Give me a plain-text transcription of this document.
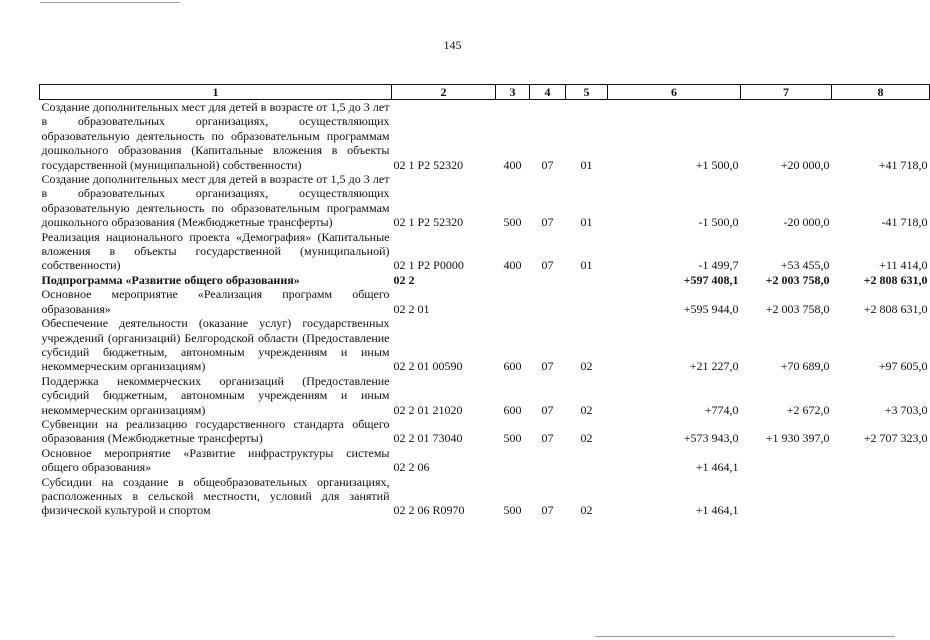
145
1	2	3	4	5	6	7	8
Создание дополнительных мест для детей в возрасте от 1,5 до 3 лет в образовательных организациях, осуществляющих образовательную деятельность по образовательным программам дошкольного образования (Капитальные вложения в объекты государственной (муниципальной) собственности)	02 1 Р2 52320	400	07	01	+1 500,0	+20 000,0	+41 718,0
Создание дополнительных мест для детей в возрасте от 1,5 до 3 лет в образовательных организациях, осуществляющих образовательную деятельность по образовательным программам дошкольного образования (Межбюджетные трансферты)	02 1 Р2 52320	500	07	01	-1 500,0	-20 000,0	-41 718,0
Реализация национального проекта «Демография» (Капитальные вложения в объекты государственной (муниципальной) собственности)	02 1 Р2 Р0000	400	07	01	-1 499,7	+53 455,0	+11 414,0
Подпрограмма «Развитие общего образования»	02 2				+597 408,1	+2 003 758,0	+2 808 631,0
Основное мероприятие «Реализация программ общего образования»	02 2 01				+595 944,0	+2 003 758,0	+2 808 631,0
Обеспечение деятельности (оказание услуг) государственных учреждений (организаций) Белгородской области (Предоставление субсидий бюджетным, автономным учреждениям и иным некоммерческим организациям)	02 2 01 00590	600	07	02	+21 227,0	+70 689,0	+97 605,0
Поддержка некоммерческих организаций (Предоставление субсидий бюджетным, автономным учреждениям и иным некоммерческим организациям)	02 2 01 21020	600	07	02	+774,0	+2 672,0	+3 703,0
Субвенции на реализацию государственного стандарта общего образования (Межбюджетные трансферты)	02 2 01 73040	500	07	02	+573 943,0	+1 930 397,0	+2 707 323,0
Основное мероприятие «Развитие инфраструктуры системы общего образования»	02 2 06				+1 464,1		
Субсидии на создание в общеобразовательных организациях, расположенных в сельской местности, условий для занятий физической культурой и спортом	02 2 06 R0970	500	07	02	+1 464,1		
